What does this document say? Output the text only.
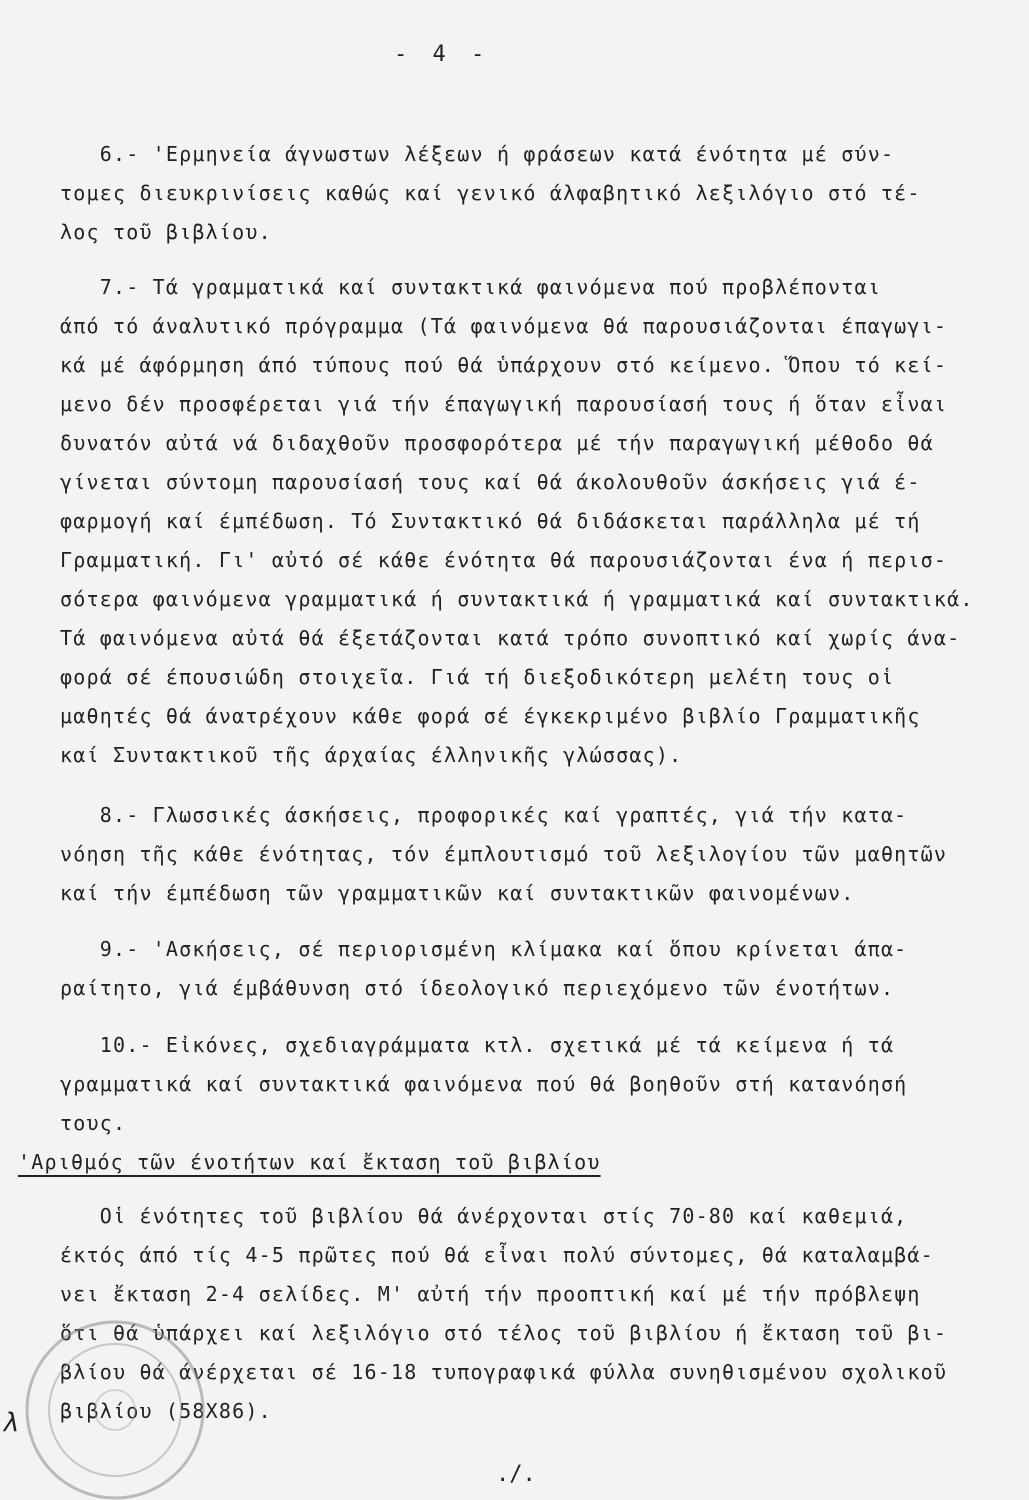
- 4 -
6.- 'Ερμηνεία άγνωστων λέξεων ή φράσεων κατά ένότητα μέ σύν-
τομες διευκρινίσεις καθώς καί γενικό άλφαβητικό λεξιλόγιο στό τέ-
λος τοῦ βιβλίου.
7.- Τά γραμματικά καί συντακτικά φαινόμενα πού προβλέπονται
άπό τό άναλυτικό πρόγραμμα (Τά φαινόμενα θά παρουσιάζονται έπαγωγι-
κά μέ άφόρμηση άπό τύπους πού θά ὑπάρχουν στό κείμενο. Ὅπου τό κεί-
μενο δέν προσφέρεται γιά τήν έπαγωγική παρουσίασή τους ή ὅταν εἶναι
δυνατόν αὐτά νά διδαχθοῦν προσφορότερα μέ τήν παραγωγική μέθοδο θά
γίνεται σύντομη παρουσίασή τους καί θά άκολουθοῦν άσκήσεις γιά έ-
φαρμογή καί έμπέδωση. Τό Συντακτικό θά διδάσκεται παράλληλα μέ τή
Γραμματική. Γι' αὐτό σέ κάθε ένότητα θά παρουσιάζονται ένα ή περισ-
σότερα φαινόμενα γραμματικά ή συντακτικά ή γραμματικά καί συντακτικά.
Τά φαινόμενα αὐτά θά έξετάζονται κατά τρόπο συνοπτικό καί χωρίς άνα-
φορά σέ έπουσιώδη στοιχεῖα. Γιά τή διεξοδικότερη μελέτη τους οἱ
μαθητές θά άνατρέχουν κάθε φορά σέ έγκεκριμένο βιβλίο Γραμματικῆς
καί Συντακτικοῦ τῆς άρχαίας έλληνικῆς γλώσσας).
8.- Γλωσσικές άσκήσεις, προφορικές καί γραπτές, γιά τήν κατα-
νόηση τῆς κάθε ένότητας, τόν έμπλουτισμό τοῦ λεξιλογίου τῶν μαθητῶν
καί τήν έμπέδωση τῶν γραμματικῶν καί συντακτικῶν φαινομένων.
9.- 'Ασκήσεις, σέ περιορισμένη κλίμακα καί ὅπου κρίνεται άπα-
ραίτητο, γιά έμβάθυνση στό ίδεολογικό περιεχόμενο τῶν ένοτήτων.
10.- Εἰκόνες, σχεδιαγράμματα κτλ. σχετικά μέ τά κείμενα ή τά
γραμματικά καί συντακτικά φαινόμενα πού θά βοηθοῦν στή κατανόησή
τους.
'Αριθμός τῶν ένοτήτων καί ἔκταση τοῦ βιβλίου
Οἱ ένότητες τοῦ βιβλίου θά άνέρχονται στίς 70-80 καί καθεμιά,
έκτός άπό τίς 4-5 πρῶτες πού θά εἶναι πολύ σύντομες, θά καταλαμβά-
νει ἔκταση 2-4 σελίδες. Μ' αὐτή τήν προοπτική καί μέ τήν πρόβλεψη
ὅτι θά ὑπάρχει καί λεξιλόγιο στό τέλος τοῦ βιβλίου ή ἔκταση τοῦ βι-
βλίου θά άνέρχεται σέ 16-18 τυπογραφικά φύλλα συνηθισμένου σχολικοῦ
βιβλίου (58Χ86).
λ
./.
